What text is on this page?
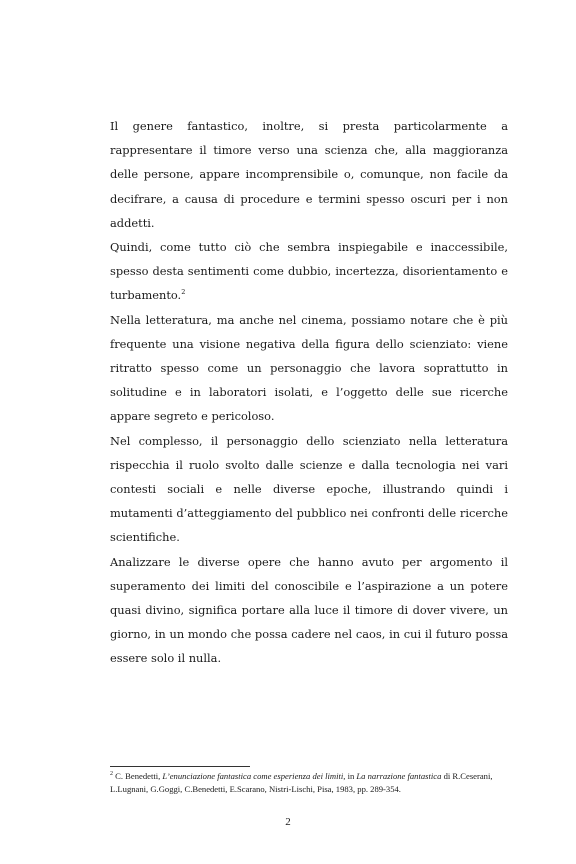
Il genere fantastico, inoltre, si presta particolarmente a rappresentare il timore verso una scienza che, alla maggioranza delle persone, appare incomprensibile o, comunque, non facile da decifrare, a causa di procedure e termini spesso oscuri per i non addetti.

Quindi, come tutto ciò che sembra inspiegabile e inaccessibile, spesso desta sentimenti come dubbio, incertezza, disorientamento e turbamento.$^2$

Nella letteratura, ma anche nel cinema, possiamo notare che è più frequente una visione negativa della figura dello scienziato: viene ritratto spesso come un personaggio che lavora soprattutto in solitudine e in laboratori isolati, e l’oggetto delle sue ricerche appare segreto e pericoloso.

Nel complesso, il personaggio dello scienziato nella letteratura rispecchia il ruolo svolto dalle scienze e dalla tecnologia nei vari contesti sociali e nelle diverse epoche, illustrando quindi i mutamenti d’atteggiamento del pubblico nei confronti delle ricerche scientifiche.

Analizzare le diverse opere che hanno avuto per argomento il superamento dei limiti del conoscibile e l’aspirazione a un potere quasi divino, significa portare alla luce il timore di dover vivere, un giorno, in un mondo che possa cadere nel caos, in cui il futuro possa essere solo il nulla.

$^2$ C. Benedetti, L’enunciazione fantastica come esperienza dei limiti, in La narrazione fantastica di R.Ceserani, L.Lugnani, G.Goggi, C.Benedetti, E.Scarano, Nistri-Lischi, Pisa, 1983, pp. 289-354.
2
